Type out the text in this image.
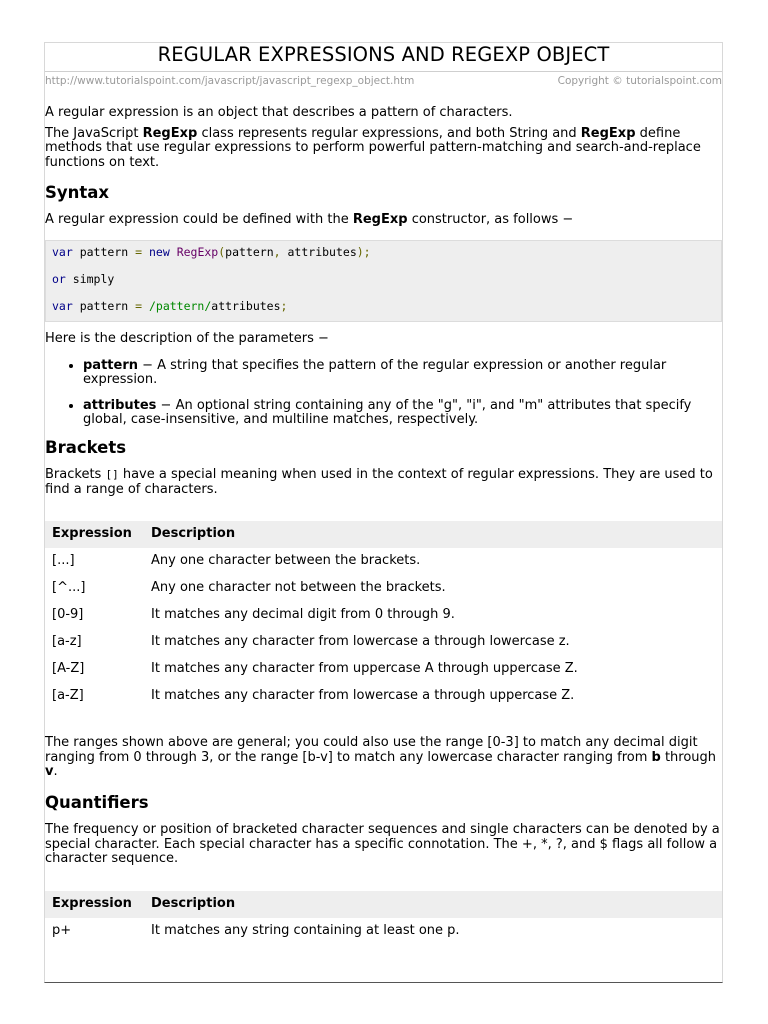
REGULAR EXPRESSIONS AND REGEXP OBJECT
http://www.tutorialspoint.com/javascript/javascript_regexp_object.htm	Copyright © tutorialspoint.com

A regular expression is an object that describes a pattern of characters.

The JavaScript RegExp class represents regular expressions, and both String and RegExp define methods that use regular expressions to perform powerful pattern-matching and search-and-replace functions on text.

Syntax

A regular expression could be defined with the RegExp constructor, as follows −

var pattern = new RegExp(pattern, attributes);
or simply
var pattern = /pattern/attributes;

Here is the description of the parameters −

• pattern − A string that specifies the pattern of the regular expression or another regular expression.
• attributes − An optional string containing any of the "g", "i", and "m" attributes that specify global, case-insensitive, and multiline matches, respectively.
Brackets

Brackets [] have a special meaning when used in the context of regular expressions. They are used to find a range of characters.

Expression	Description
[...]	Any one character between the brackets.
[^...]	Any one character not between the brackets.
[0-9]	It matches any decimal digit from 0 through 9.
[a-z]	It matches any character from lowercase a through lowercase z.
[A-Z]	It matches any character from uppercase A through uppercase Z.
[a-Z]	It matches any character from lowercase a through uppercase Z.

The ranges shown above are general; you could also use the range [0-3] to match any decimal digit ranging from 0 through 3, or the range [b-v] to match any lowercase character ranging from b through v.

Quantifiers

The frequency or position of bracketed character sequences and single characters can be denoted by a special character. Each special character has a specific connotation. The +, *, ?, and $ flags all follow a character sequence.

Expression	Description
p+	It matches any string containing at least one p.
